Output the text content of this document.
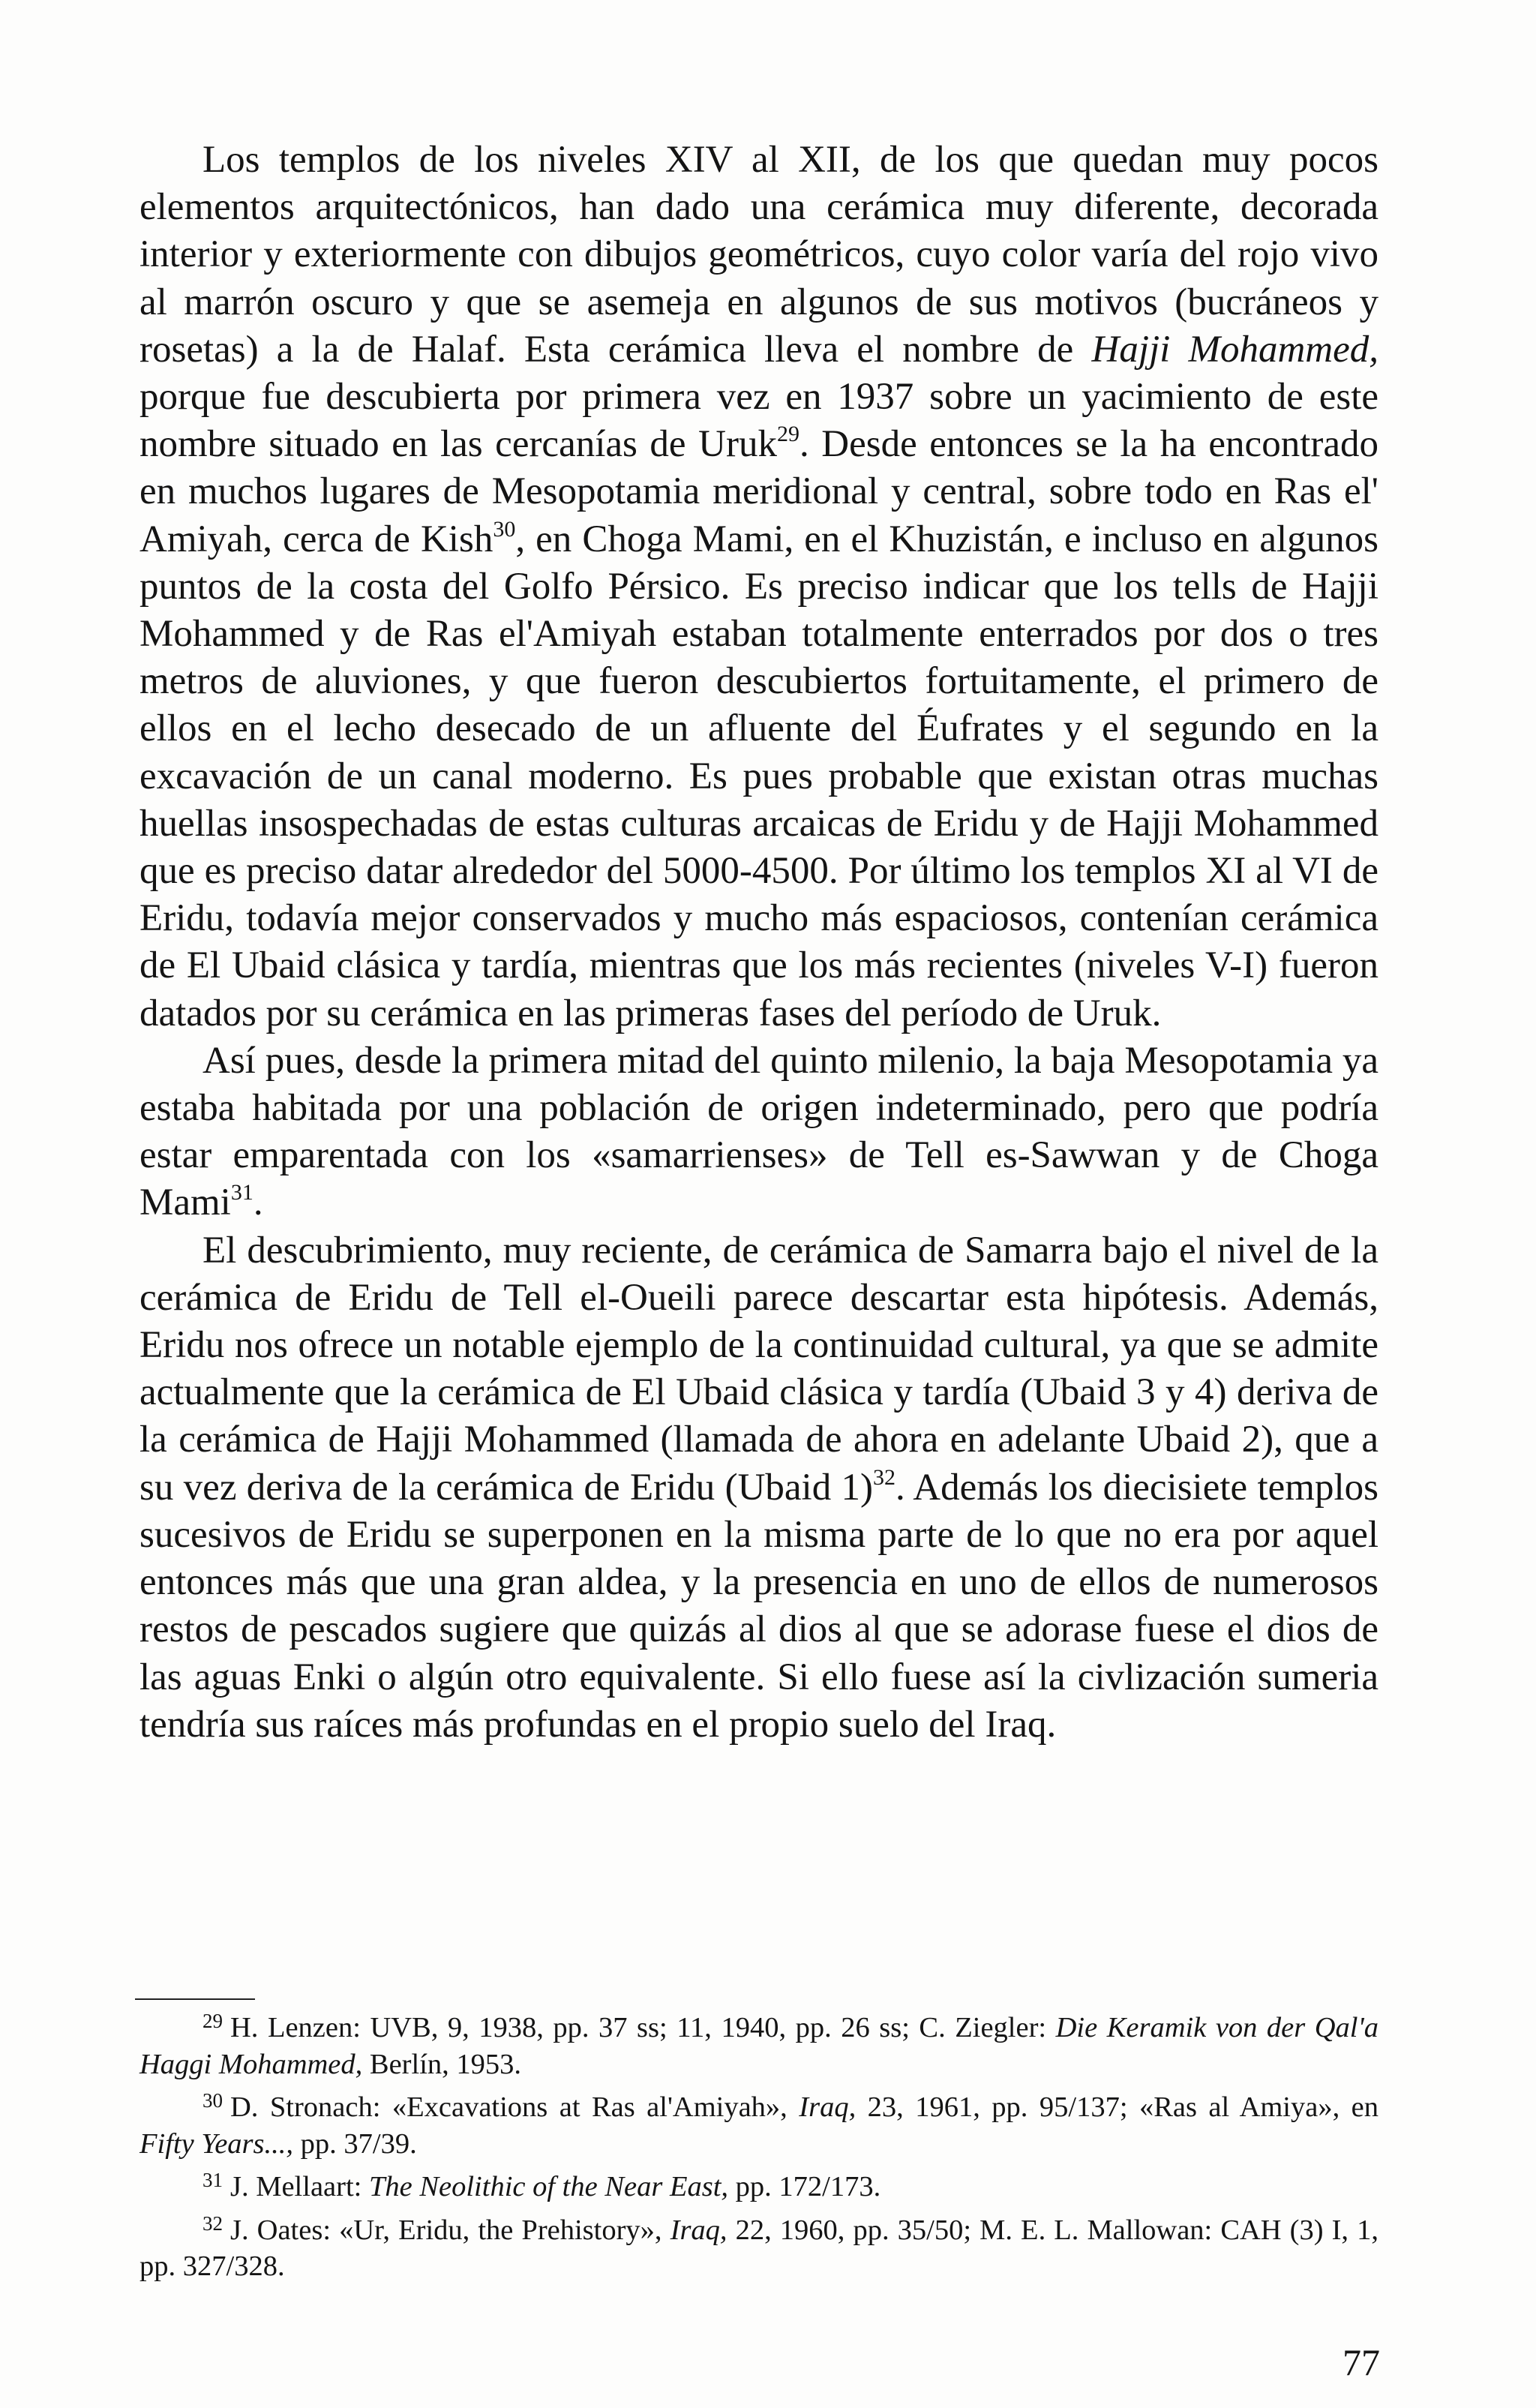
Los templos de los niveles XIV al XII, de los que quedan muy pocos elementos arquitectónicos, han dado una cerámica muy diferente, decorada interior y exteriormente con dibujos geométricos, cuyo color varía del rojo vivo al marrón oscuro y que se asemeja en algunos de sus motivos (bucráneos y rosetas) a la de Halaf. Esta cerámica lleva el nombre de Hajji Mohammed, porque fue descubierta por primera vez en 1937 sobre un yacimiento de este nombre situado en las cercanías de Uruk$^{29}$. Desde entonces se la ha encontrado en muchos lugares de Mesopotamia meridional y central, sobre todo en Ras el' Amiyah, cerca de Kish$^{30}$, en Choga Mami, en el Khuzistán, e incluso en algunos puntos de la costa del Golfo Pérsico. Es preciso indicar que los tells de Hajji Mohammed y de Ras el'Amiyah estaban totalmente enterrados por dos o tres metros de aluviones, y que fueron descubiertos fortuitamente, el primero de ellos en el lecho desecado de un afluente del Éufrates y el segundo en la excavación de un canal moderno. Es pues probable que existan otras muchas huellas insospechadas de estas culturas arcaicas de Eridu y de Hajji Mohammed que es preciso datar alrededor del 5000-4500. Por último los templos XI al VI de Eridu, todavía mejor conservados y mucho más espaciosos, contenían cerámica de El Ubaid clásica y tardía, mientras que los más recientes (niveles V-I) fueron datados por su cerámica en las primeras fases del período de Uruk.

Así pues, desde la primera mitad del quinto milenio, la baja Mesopotamia ya estaba habitada por una población de origen indeterminado, pero que podría estar emparentada con los «samarrienses» de Tell es-Sawwan y de Choga Mami$^{31}$.

El descubrimiento, muy reciente, de cerámica de Samarra bajo el nivel de la cerámica de Eridu de Tell el-Oueili parece descartar esta hipótesis. Además, Eridu nos ofrece un notable ejemplo de la continuidad cultural, ya que se admite actualmente que la cerámica de El Ubaid clásica y tardía (Ubaid 3 y 4) deriva de la cerámica de Hajji Mohammed (llamada de ahora en adelante Ubaid 2), que a su vez deriva de la cerámica de Eridu (Ubaid 1)$^{32}$. Además los diecisiete templos sucesivos de Eridu se superponen en la misma parte de lo que no era por aquel entonces más que una gran aldea, y la presencia en uno de ellos de numerosos restos de pescados sugiere que quizás al dios al que se adorase fuese el dios de las aguas Enki o algún otro equivalente. Si ello fuese así la civlización sumeria tendría sus raíces más profundas en el propio suelo del Iraq.

$^{29}$ H. Lenzen: UVB, 9, 1938, pp. 37 ss; 11, 1940, pp. 26 ss; C. Ziegler: Die Keramik von der Qal'a Haggi Mohammed, Berlín, 1953.

$^{30}$ D. Stronach: «Excavations at Ras al'Amiyah», Iraq, 23, 1961, pp. 95/137; «Ras al Amiya», en Fifty Years..., pp. 37/39.

$^{31}$ J. Mellaart: The Neolithic of the Near East, pp. 172/173.

$^{32}$ J. Oates: «Ur, Eridu, the Prehistory», Iraq, 22, 1960, pp. 35/50; M. E. L. Mallowan: CAH (3) I, 1, pp. 327/328.

77
